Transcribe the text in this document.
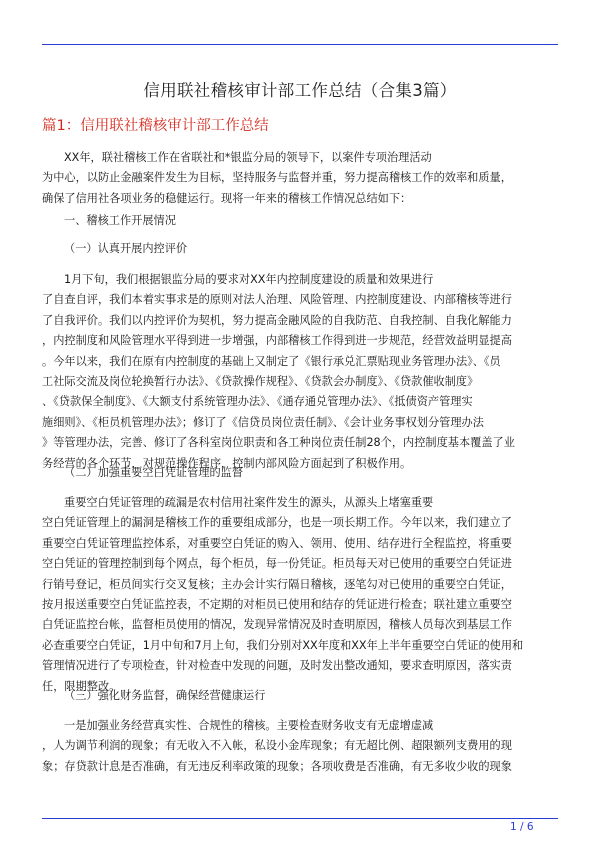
信用联社稽核审计部工作总结（合集3篇）
篇1：信用联社稽核审计部工作总结
XX年，联社稽核工作在省联社和*银监分局的领导下，以案件专项治理活动
为中心，以防止金融案件发生为目标，坚持服务与监督并重，努力提高稽核工作的效率和质量，
确保了信用社各项业务的稳健运行。现将一年来的稽核工作情况总结如下：
一、稽核工作开展情况
（一）认真开展内控评价
1月下旬，我们根据银监分局的要求对XX年内控制度建设的质量和效果进行
了自查自评，我们本着实事求是的原则对法人治理、风险管理、内控制度建设、内部稽核等进行
了自我评价。我们以内控评价为契机，努力提高金融风险的自我防范、自我控制、自我化解能力
，内控制度和风险管理水平得到进一步增强，内部稽核工作得到进一步规范，经营效益明显提高
。今年以来，我们在原有内控制度的基础上又制定了《银行承兑汇票贴现业务管理办法》、《员
工社际交流及岗位轮换暂行办法》、《贷款操作规程》、《贷款会办制度》、《贷款催收制度》
、《贷款保全制度》、《大额支付系统管理办法》、《通存通兑管理办法》、《抵债资产管理实
施细则》、《柜员机管理办法》；修订了《信贷员岗位责任制》、《会计业务事权划分管理办法
》等管理办法，完善、修订了各科室岗位职责和各工种岗位责任制28个，内控制度基本覆盖了业
务经营的各个环节，对规范操作程序，控制内部风险方面起到了积极作用。
（二）加强重要空白凭证管理的监督
重要空白凭证管理的疏漏是农村信用社案件发生的源头，从源头上堵塞重要
空白凭证管理上的漏洞是稽核工作的重要组成部分，也是一项长期工作。今年以来，我们建立了
重要空白凭证管理监控体系，对重要空白凭证的购入、领用、使用、结存进行全程监控，将重要
空白凭证的管理控制到每个网点，每个柜员，每一份凭证。柜员每天对已使用的重要空白凭证进
行销号登记，柜员间实行交叉复核；主办会计实行隔日稽核，逐笔勾对已使用的重要空白凭证，
按月报送重要空白凭证监控表，不定期的对柜员已使用和结存的凭证进行检查；联社建立重要空
白凭证监控台帐，监督柜员使用的情况，发现异常情况及时查明原因，稽核人员每次到基层工作
必查重要空白凭证，1月中旬和7月上旬，我们分别对XX年度和XX年上半年重要空白凭证的使用和
管理情况进行了专项检查，针对检查中发现的问题，及时发出整改通知，要求查明原因，落实责
任，限期整改。
（三）强化财务监督，确保经营健康运行
一是加强业务经营真实性、合规性的稽核。主要检查财务收支有无虚增虚减
，人为调节利润的现象；有无收入不入帐，私设小金库现象；有无超比例、超限额列支费用的现
象；存贷款计息是否准确，有无违反利率政策的现象；各项收费是否准确，有无多收少收的现象
1 / 6
